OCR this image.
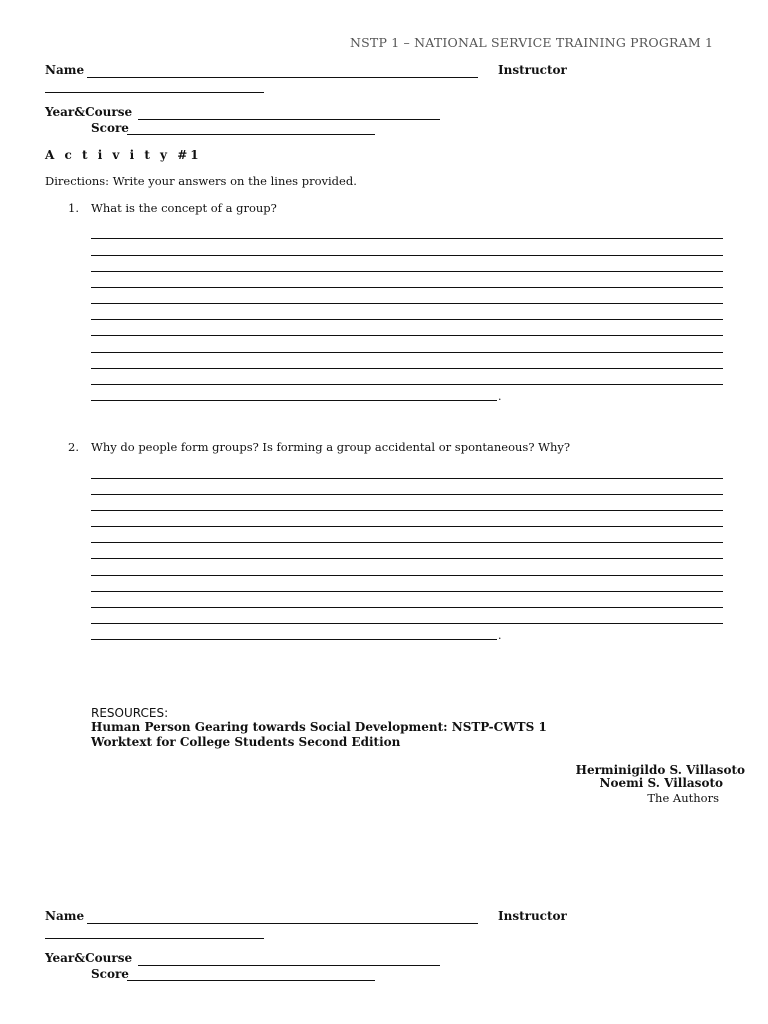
NSTP 1 – NATIONAL SERVICE TRAINING PROGRAM 1
Name	Instructor
Year&Course
Score
A c t i v i t y #1
Directions: Write your answers on the lines provided.
1. What is the concept of a group?
.
2. Why do people form groups? Is forming a group accidental or spontaneous? Why?
.
RESOURCES:
Human Person Gearing towards Social Development: NSTP-CWTS 1
Worktext for College Students Second Edition
Herminigildo S. Villasoto
Noemi S. Villasoto
The Authors
Name	Instructor
Year&Course
Score
